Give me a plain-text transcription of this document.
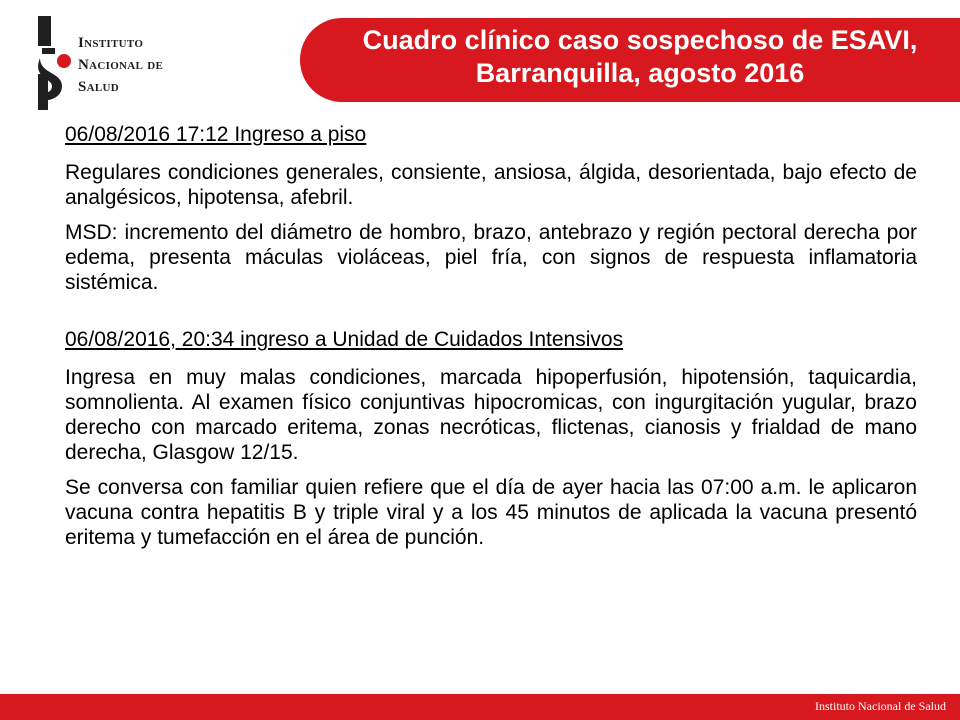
Instituto
Nacional de
Salud
Cuadro clínico caso sospechoso de ESAVI,
Barranquilla, agosto 2016

06/08/2016 17:12 Ingreso a piso

Regulares condiciones generales, consiente, ansiosa, álgida, desorientada, bajo efecto de analgésicos, hipotensa, afebril.

MSD: incremento del diámetro de hombro, brazo, antebrazo y región pectoral derecha por edema, presenta máculas violáceas, piel fría, con signos de respuesta inflamatoria sistémica.

06/08/2016, 20:34 ingreso a Unidad de Cuidados Intensivos

Ingresa en muy malas condiciones, marcada hipoperfusión, hipotensión, taquicardia, somnolienta. Al examen físico conjuntivas hipocromicas, con ingurgitación yugular, brazo derecho con marcado eritema, zonas necróticas, flictenas, cianosis y frialdad de mano derecha, Glasgow 12/15.

Se conversa con familiar quien refiere que el día de ayer hacia las 07:00 a.m. le aplicaron vacuna contra hepatitis B y triple viral y a los 45 minutos de aplicada la vacuna presentó eritema y tumefacción en el área de punción.

Instituto Nacional de Salud
